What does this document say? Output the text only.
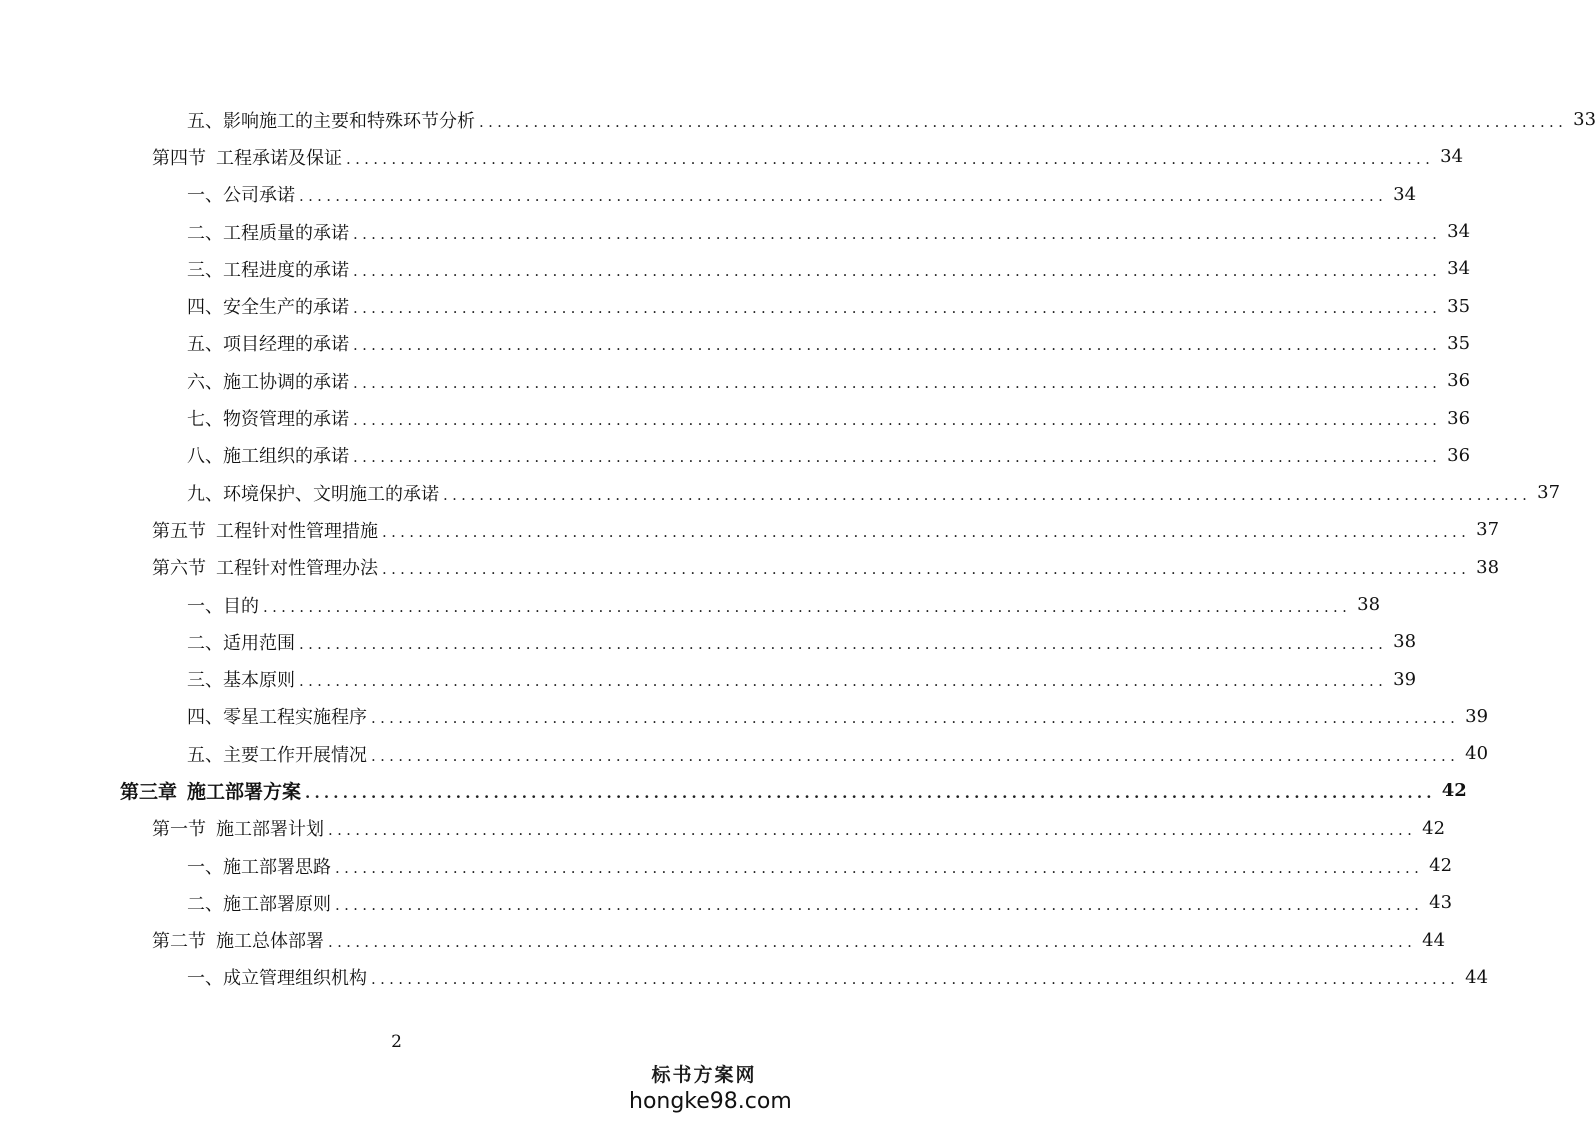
五、影响施工的主要和特殊环节分析 ........................................................................................................................ 33
第四节 工程承诺及保证 ........................................................................................................................ 34
一、公司承诺 ........................................................................................................................ 34
二、工程质量的承诺 ........................................................................................................................ 34
三、工程进度的承诺 ........................................................................................................................ 34
四、安全生产的承诺 ........................................................................................................................ 35
五、项目经理的承诺 ........................................................................................................................ 35
六、施工协调的承诺 ........................................................................................................................ 36
七、物资管理的承诺 ........................................................................................................................ 36
八、施工组织的承诺 ........................................................................................................................ 36
九、环境保护、文明施工的承诺 ........................................................................................................................ 37
第五节 工程针对性管理措施 ........................................................................................................................ 37
第六节 工程针对性管理办法 ........................................................................................................................ 38
一、目的 ........................................................................................................................ 38
二、适用范围 ........................................................................................................................ 38
三、基本原则 ........................................................................................................................ 39
四、零星工程实施程序 ........................................................................................................................ 39
五、主要工作开展情况 ........................................................................................................................ 40
第三章 施工部署方案 ........................................................................................................................ 42
第一节 施工部署计划 ........................................................................................................................ 42
一、施工部署思路 ........................................................................................................................ 42
二、施工部署原则 ........................................................................................................................ 43
第二节 施工总体部署 ........................................................................................................................ 44
一、成立管理组织机构 ........................................................................................................................ 44
2
标书方案网
hongke98.com
